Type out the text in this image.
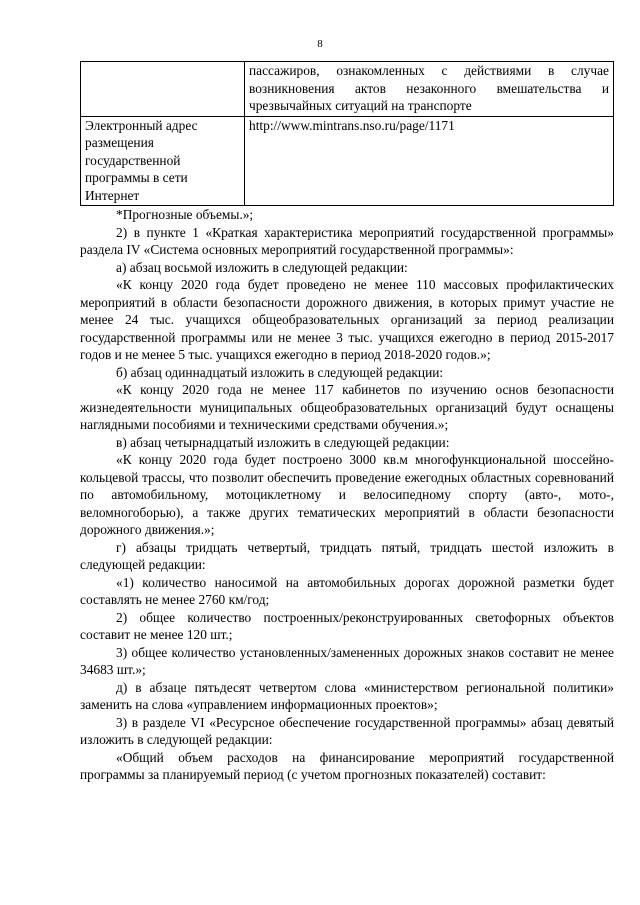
8
	пассажиров, ознакомленных с действиями в случае возникновения актов незаконного вмешательства и чрезвычайных ситуаций на транспорте
Электронный адрес размещения государственной программы в сети Интернет	http://www.mintrans.nso.ru/page/1171

*Прогнозные объемы.»;

2) в пункте 1 «Краткая характеристика мероприятий государственной программы» раздела IV «Система основных мероприятий государственной программы»:

а) абзац восьмой изложить в следующей редакции:

«К концу 2020 года будет проведено не менее 110 массовых профилактических мероприятий в области безопасности дорожного движения, в которых примут участие не менее 24 тыс. учащихся общеобразовательных организаций за период реализации государственной программы или не менее 3 тыс. учащихся ежегодно в период 2015-2017 годов и не менее 5 тыс. учащихся ежегодно в период 2018-2020 годов.»;

б) абзац одиннадцатый изложить в следующей редакции:

«К концу 2020 года не менее 117 кабинетов по изучению основ безопасности жизнедеятельности муниципальных общеобразовательных организаций будут оснащены наглядными пособиями и техническими средствами обучения.»;

в) абзац четырнадцатый изложить в следующей редакции:

«К концу 2020 года будет построено 3000 кв.м многофункциональной шоссейно-кольцевой трассы, что позволит обеспечить проведение ежегодных областных соревнований по автомобильному, мотоциклетному и велосипедному спорту (авто-, мото-, веломногоборью), а также других тематических мероприятий в области безопасности дорожного движения.»;

г) абзацы тридцать четвертый, тридцать пятый, тридцать шестой изложить в следующей редакции:

«1) количество наносимой на автомобильных дорогах дорожной разметки будет составлять не менее 2760 км/год;

2) общее количество построенных/реконструированных светофорных объектов составит не менее 120 шт.;

3) общее количество установленных/замененных дорожных знаков составит не менее 34683 шт.»;

д) в абзаце пятьдесят четвертом слова «министерством региональной политики» заменить на слова «управлением информационных проектов»;

3) в разделе VI «Ресурсное обеспечение государственной программы» абзац девятый изложить в следующей редакции:

«Общий объем расходов на финансирование мероприятий государственной программы за планируемый период (с учетом прогнозных показателей) составит:
